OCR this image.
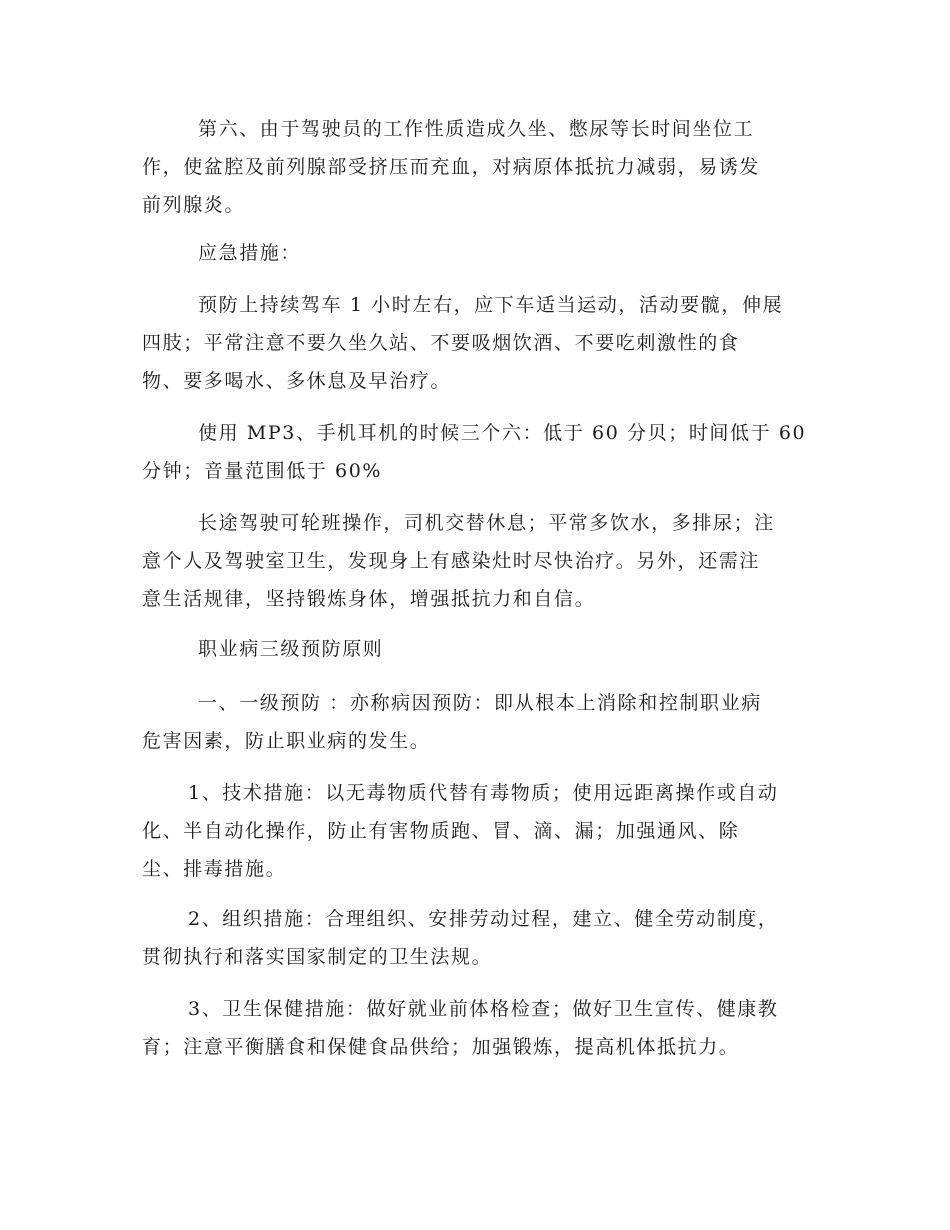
第六、由于驾驶员的工作性质造成久坐、憋尿等长时间坐位工
作，使盆腔及前列腺部受挤压而充血，对病原体抵抗力减弱，易诱发
前列腺炎。

应急措施：

预防上持续驾车 1 小时左右，应下车适当运动，活动要髋，伸展
四肢；平常注意不要久坐久站、不要吸烟饮酒、不要吃刺激性的食
物、要多喝水、多休息及早治疗。

使用 MP3、手机耳机的时候三个六：低于 60 分贝；时间低于 60
分钟；音量范围低于 60%

长途驾驶可轮班操作，司机交替休息；平常多饮水，多排尿；注
意个人及驾驶室卫生，发现身上有感染灶时尽快治疗。另外，还需注
意生活规律，坚持锻炼身体，增强抵抗力和自信。

职业病三级预防原则

一、一级预防 ：亦称病因预防：即从根本上消除和控制职业病
危害因素，防止职业病的发生。

1、技术措施：以无毒物质代替有毒物质；使用远距离操作或自动
化、半自动化操作，防止有害物质跑、冒、滴、漏；加强通风、除
尘、排毒措施。

2、组织措施：合理组织、安排劳动过程，建立、健全劳动制度，
贯彻执行和落实国家制定的卫生法规。

3、卫生保健措施：做好就业前体格检查；做好卫生宣传、健康教
育；注意平衡膳食和保健食品供给；加强锻炼，提高机体抵抗力。
